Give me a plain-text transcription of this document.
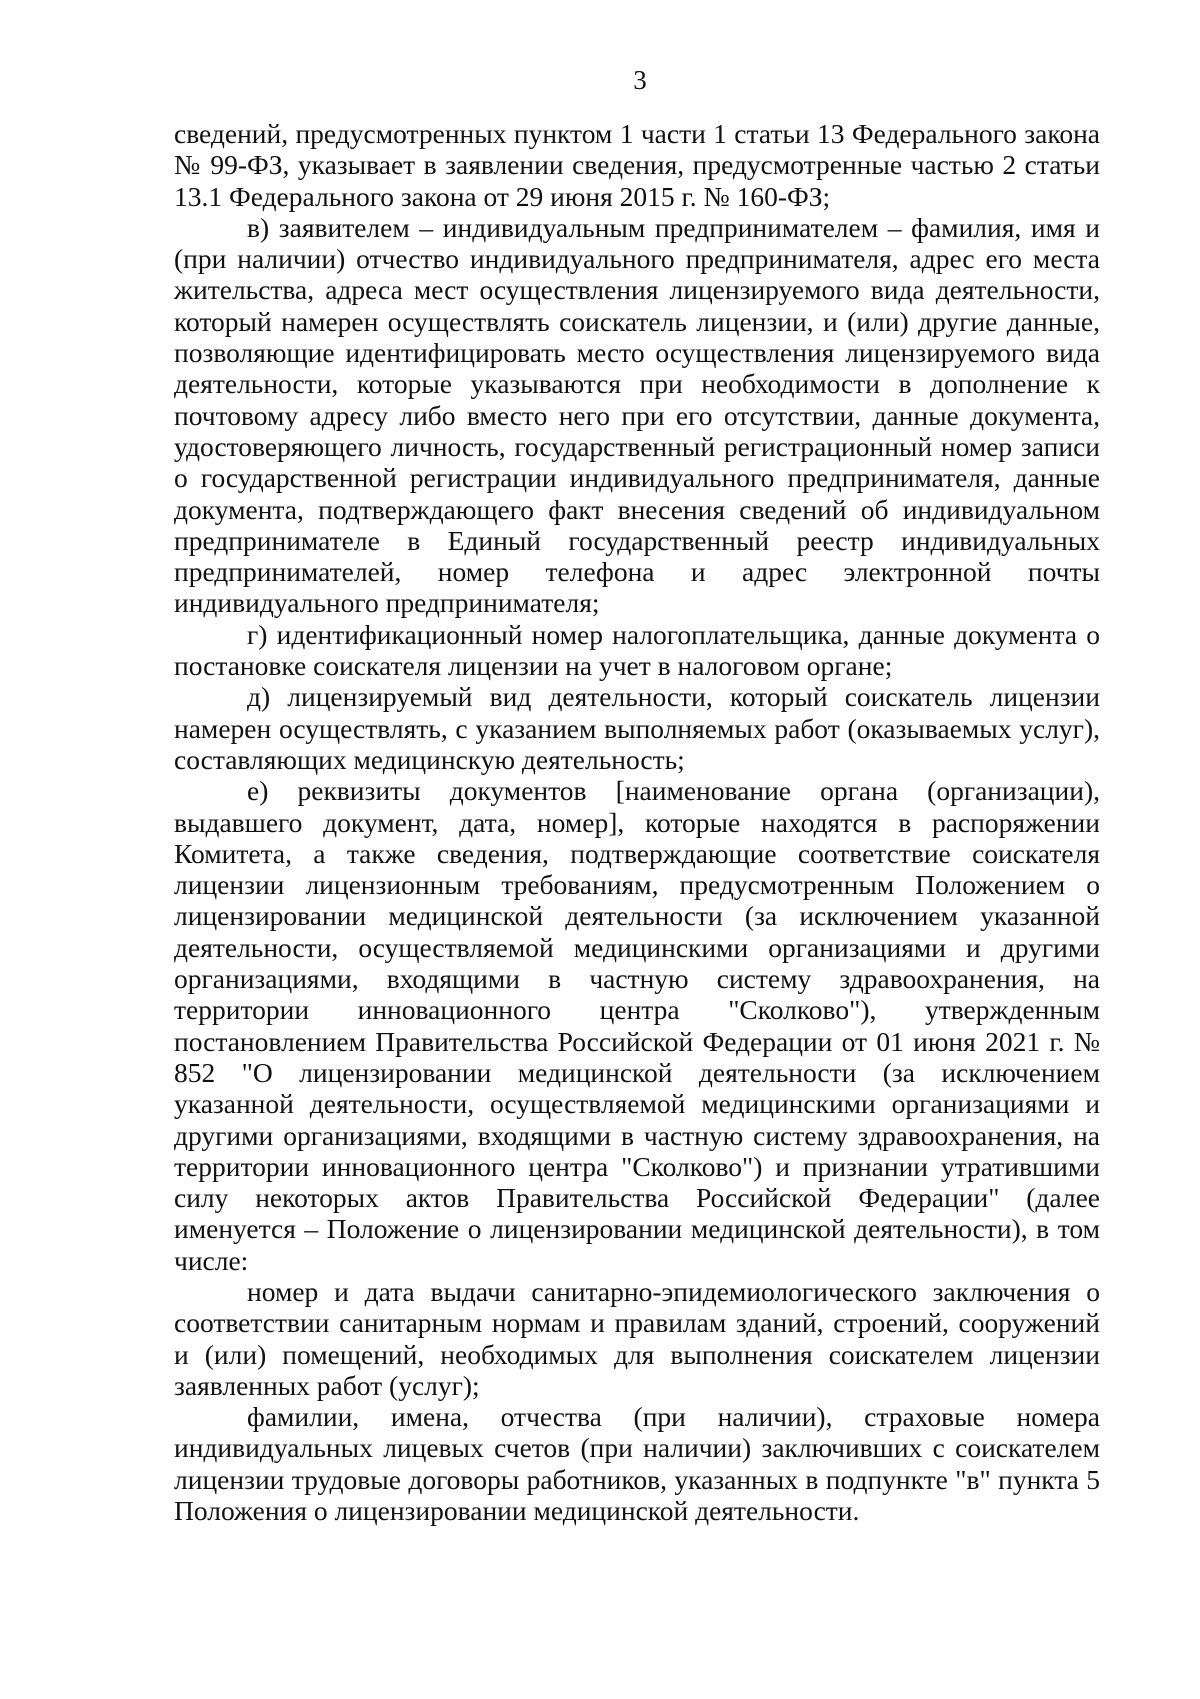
3

сведений, предусмотренных пунктом 1 части 1 статьи 13 Федерального закона № 99-ФЗ, указывает в заявлении сведения, предусмотренные частью 2 статьи 13.1 Федерального закона от 29 июня 2015 г. № 160-ФЗ;

в) заявителем – индивидуальным предпринимателем – фамилия, имя и (при наличии) отчество индивидуального предпринимателя, адрес его места жительства, адреса мест осуществления лицензируемого вида деятельности, который намерен осуществлять соискатель лицензии, и (или) другие данные, позволяющие идентифицировать место осуществления лицензируемого вида деятельности, которые указываются при необходимости в дополнение к почтовому адресу либо вместо него при его отсутствии, данные документа, удостоверяющего личность, государственный регистрационный номер записи о государственной регистрации индивидуального предпринимателя, данные документа, подтверждающего факт внесения сведений об индивидуальном предпринимателе в Единый государственный реестр индивидуальных предпринимателей, номер телефона и адрес электронной почты индивидуального предпринимателя;

г) идентификационный номер налогоплательщика, данные документа о постановке соискателя лицензии на учет в налоговом органе;

д) лицензируемый вид деятельности, который соискатель лицензии намерен осуществлять, с указанием выполняемых работ (оказываемых услуг), составляющих медицинскую деятельность;

е) реквизиты документов [наименование органа (организации), выдавшего документ, дата, номер], которые находятся в распоряжении Комитета, а также сведения, подтверждающие соответствие соискателя лицензии лицензионным требованиям, предусмотренным Положением о лицензировании медицинской деятельности (за исключением указанной деятельности, осуществляемой медицинскими организациями и другими организациями, входящими в частную систему здравоохранения, на территории инновационного центра "Сколково"), утвержденным постановлением Правительства Российской Федерации от 01 июня 2021 г. № 852 "О лицензировании медицинской деятельности (за исключением указанной деятельности, осуществляемой медицинскими организациями и другими организациями, входящими в частную систему здравоохранения, на территории инновационного центра "Сколково") и признании утратившими силу некоторых актов Правительства Российской Федерации" (далее именуется – Положение о лицензировании медицинской деятельности), в том числе:

номер и дата выдачи санитарно-эпидемиологического заключения о соответствии санитарным нормам и правилам зданий, строений, сооружений и (или) помещений, необходимых для выполнения соискателем лицензии заявленных работ (услуг);

фамилии, имена, отчества (при наличии), страховые номера индивидуальных лицевых счетов (при наличии) заключивших с соискателем лицензии трудовые договоры работников, указанных в подпункте "в" пункта 5 Положения о лицензировании медицинской деятельности.
